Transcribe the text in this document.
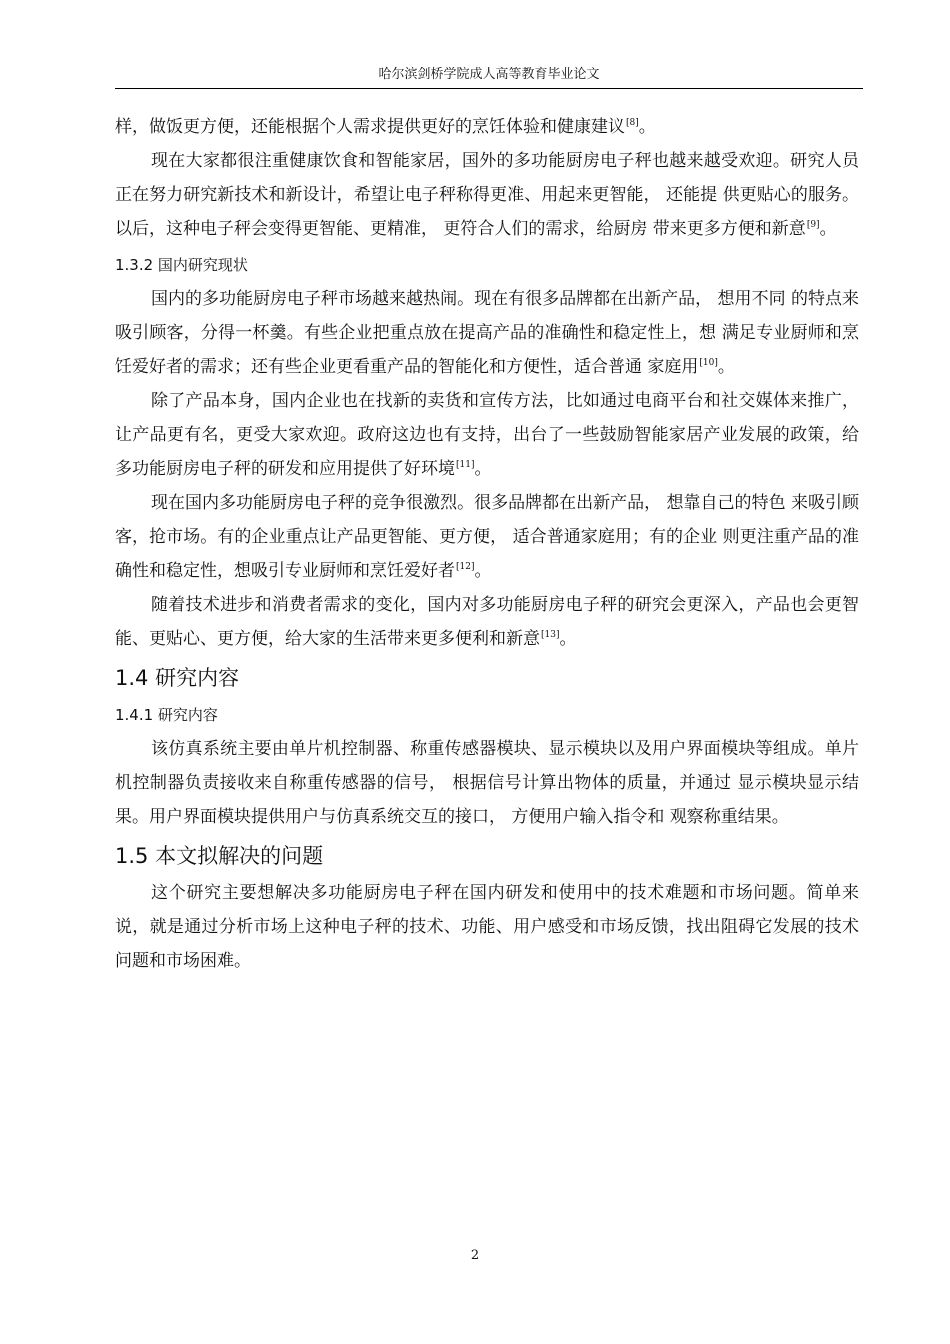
哈尔滨剑桥学院成人高等教育毕业论文

样，做饭更方便，还能根据个人需求提供更好的烹饪体验和健康建议[8]。

现在大家都很注重健康饮食和智能家居，国外的多功能厨房电子秤也越来越受欢迎。研究人员正在努力研究新技术和新设计，希望让电子秤称得更准、用起来更智能， 还能提 供更贴心的服务。以后，这种电子秤会变得更智能、更精准， 更符合人们的需求，给厨房 带来更多方便和新意[9]。

1.3.2 国内研究现状

国内的多功能厨房电子秤市场越来越热闹。现在有很多品牌都在出新产品， 想用不同 的特点来吸引顾客，分得一杯羹。有些企业把重点放在提高产品的准确性和稳定性上，想 满足专业厨师和烹饪爱好者的需求；还有些企业更看重产品的智能化和方便性，适合普通 家庭用[10]。

除了产品本身，国内企业也在找新的卖货和宣传方法，比如通过电商平台和社交媒体来推广，让产品更有名，更受大家欢迎。政府这边也有支持，出台了一些鼓励智能家居产业发展的政策，给多功能厨房电子秤的研发和应用提供了好环境[11]。

现在国内多功能厨房电子秤的竞争很激烈。很多品牌都在出新产品， 想靠自己的特色 来吸引顾客，抢市场。有的企业重点让产品更智能、更方便， 适合普通家庭用；有的企业 则更注重产品的准确性和稳定性，想吸引专业厨师和烹饪爱好者[12]。

随着技术进步和消费者需求的变化，国内对多功能厨房电子秤的研究会更深入，产品也会更智能、更贴心、更方便，给大家的生活带来更多便利和新意[13]。

1.4 研究内容
1.4.1 研究内容

该仿真系统主要由单片机控制器、称重传感器模块、显示模块以及用户界面模块等组成。单片机控制器负责接收来自称重传感器的信号， 根据信号计算出物体的质量，并通过 显示模块显示结果。用户界面模块提供用户与仿真系统交互的接口， 方便用户输入指令和 观察称重结果。

1.5 本文拟解决的问题

这个研究主要想解决多功能厨房电子秤在国内研发和使用中的技术难题和市场问题。简单来说，就是通过分析市场上这种电子秤的技术、功能、用户感受和市场反馈，找出阻碍它发展的技术问题和市场困难。

2
